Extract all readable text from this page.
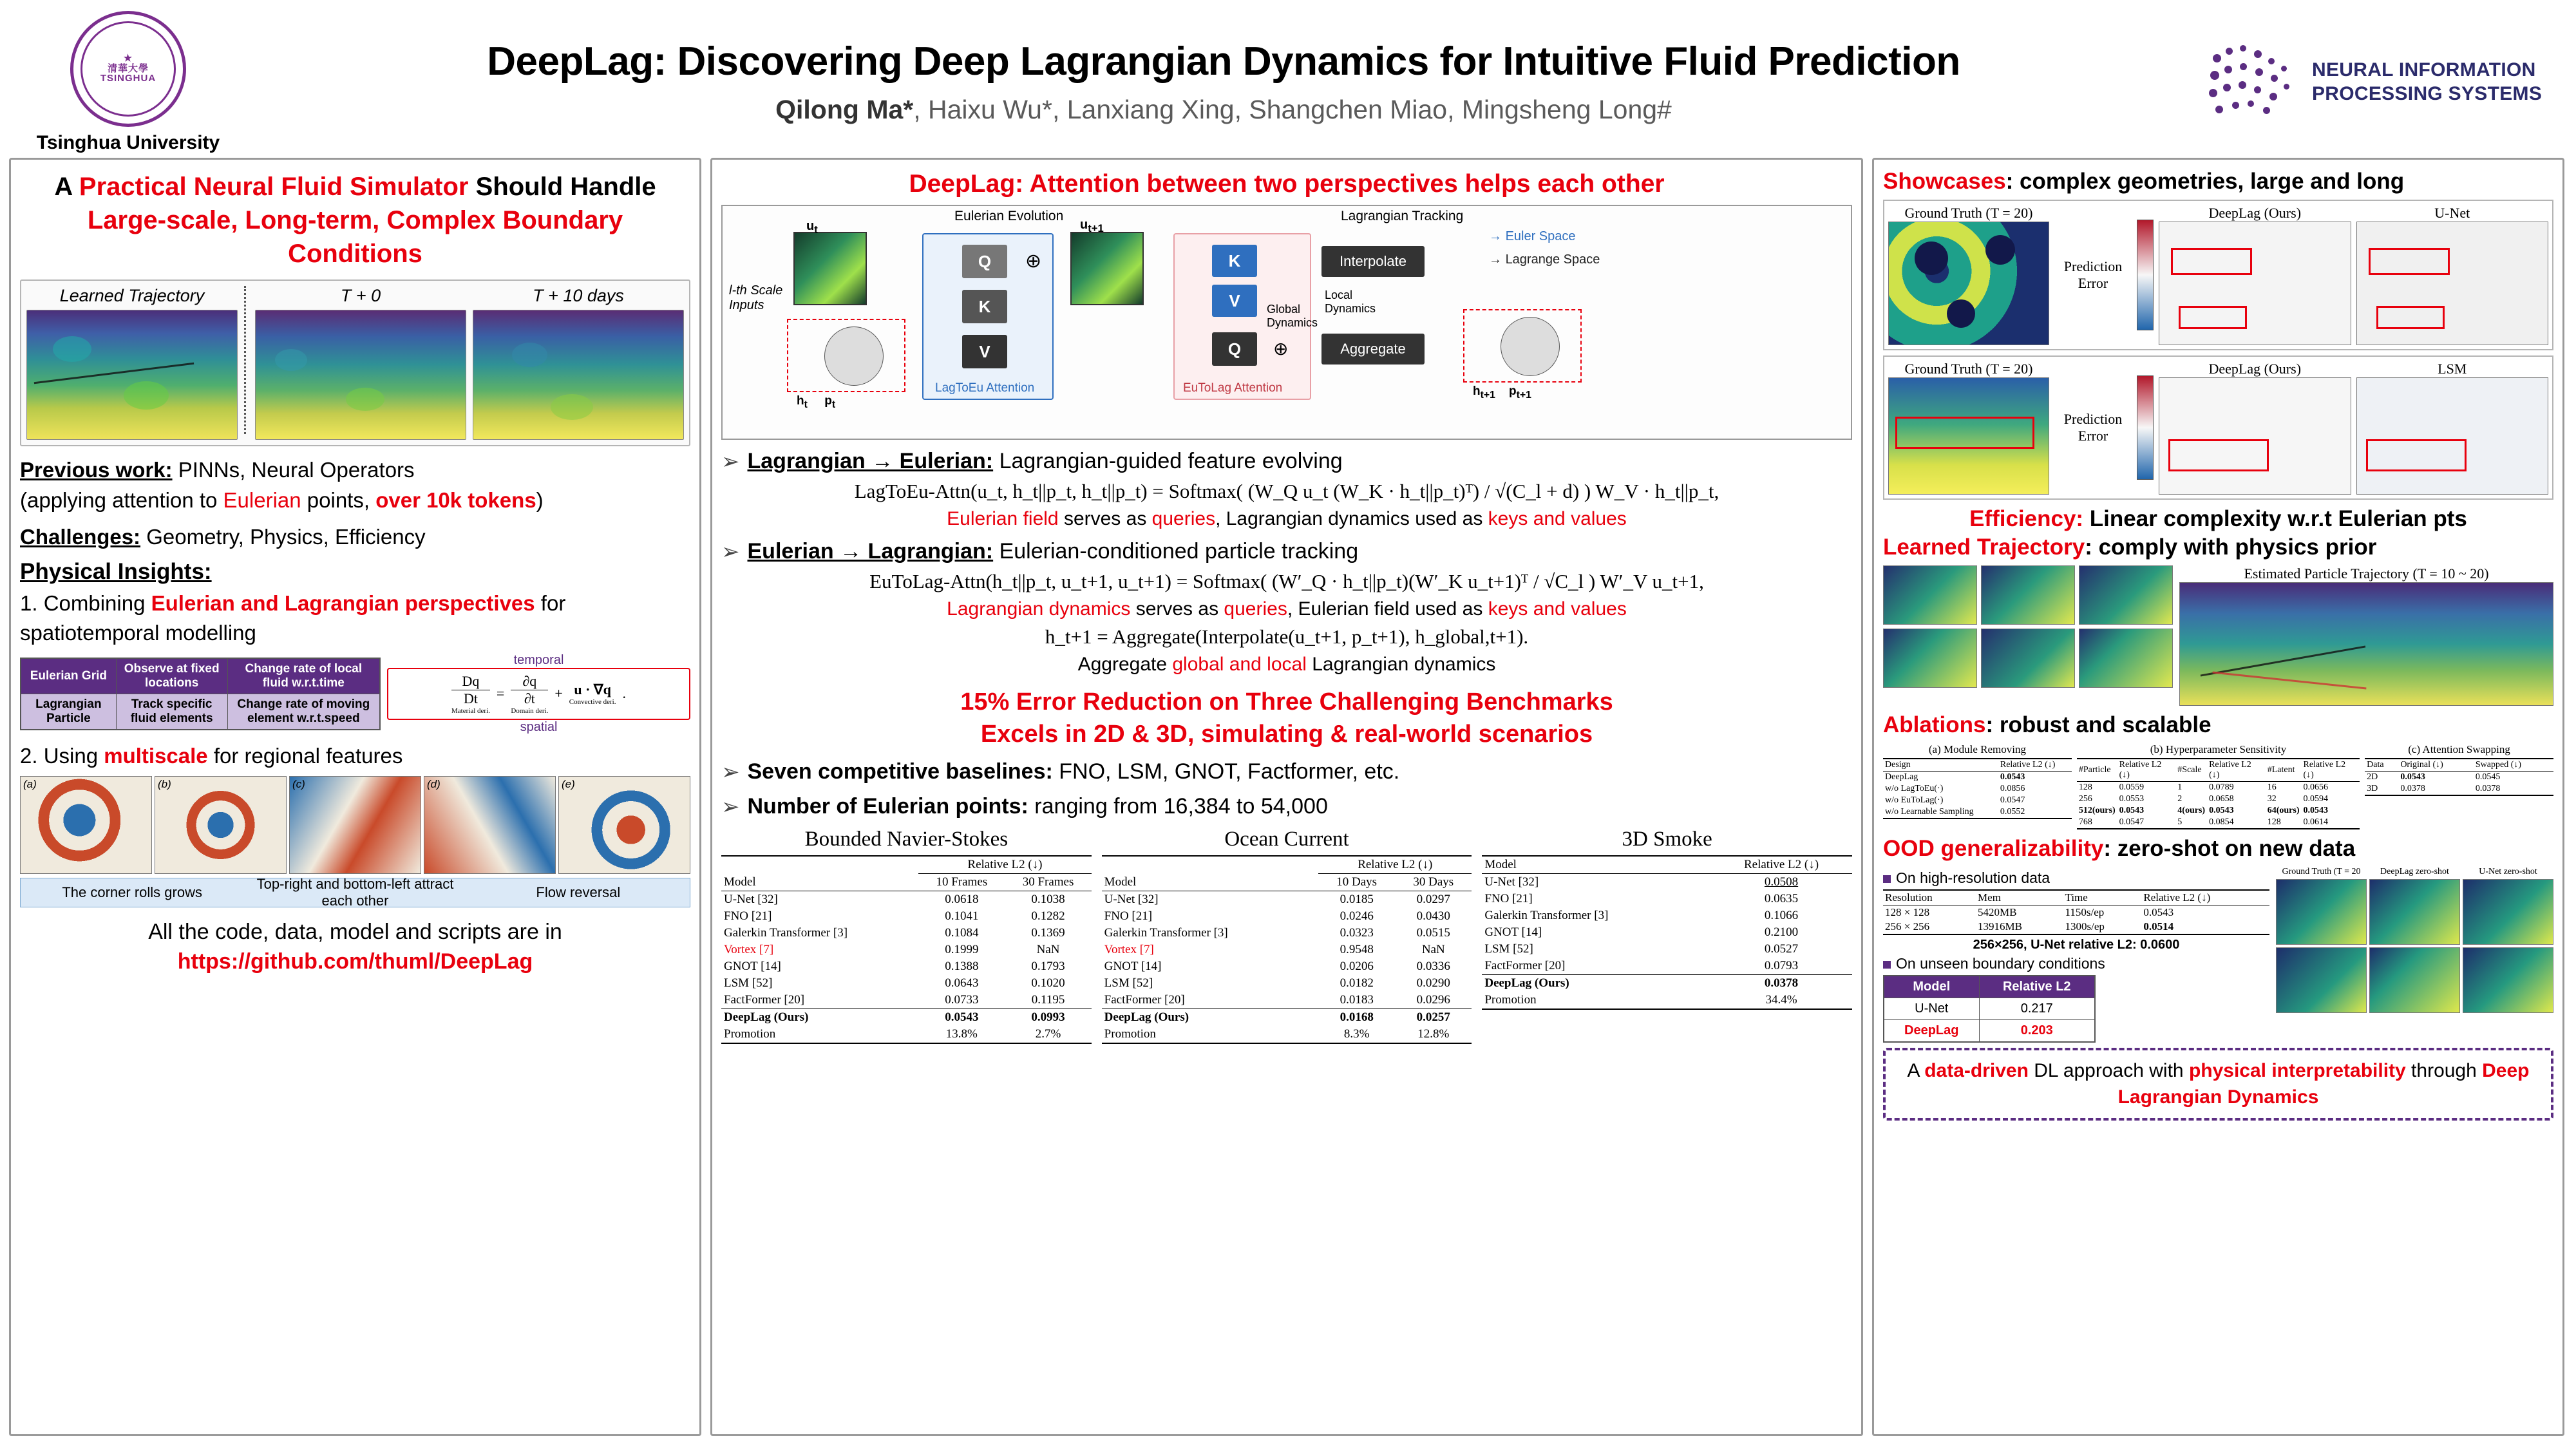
★
清華大學
TSINGHUA
Tsinghua University
DeepLag: Discovering Deep Lagrangian Dynamics for Intuitive Fluid Prediction
Qilong Ma*, Haixu Wu*, Lanxiang Xing, Shangchen Miao, Mingsheng Long#
NEURAL INFORMATION
PROCESSING SYSTEMS
A Practical Neural Fluid Simulator Should Handle Large-scale, Long-term, Complex Boundary Conditions
Learned Trajectory	T + 0	T + 10 days
Previous work: PINNs, Neural Operators
(applying attention to Eulerian points, over 10k tokens)
Challenges: Geometry, Physics, Efficiency
Physical Insights:
1. Combining Eulerian and Lagrangian perspectives for spatiotemporal modelling
Eulerian Grid	Observe at fixed locations	Change rate of local fluid w.r.t.time
Lagrangian Particle	Track specific fluid elements	Change rate of moving element w.r.t.speed
temporal
Dq
Dt
Material deri.
=
∂q
∂t
Domain deri.
+ u · ∇q
Convective deri.
.
spatial
2. Using multiscale for regional features
(a)	(b)	(c)	(d)	(e)
The corner rolls grows
Top-right and bottom-left attract each other
Flow reversal
All the code, data, model and scripts are in
https://github.com/thuml/DeepLag
DeepLag: Attention between two perspectives helps each other
Eulerian Evolution	Lagrangian Tracking
l-th Scale Inputs
$u_t$
$h_t$     $p_t$
LagToEu Attention
Q
K
V
⊕
$u_{t+1}$
EuToLag Attention
K
V
Q	⊕
Interpolate
Aggregate
Local Dynamics
Global Dynamics
$h_{t+1}$    $p_{t+1}$
→ Euler Space
→ Lagrange Space
➢ Lagrangian → Eulerian: Lagrangian-guided feature evolving
LagToEu-Attn(u_t, h_t||p_t, h_t||p_t) = Softmax( (W_Q u_t (W_K · h_t||p_t)ᵀ) / √(C_l + d) ) W_V · h_t||p_t,
Eulerian field serves as queries, Lagrangian dynamics used as keys and values
➢ Eulerian → Lagrangian: Eulerian-conditioned particle tracking
EuToLag-Attn(h_t||p_t, u_t+1, u_t+1) = Softmax( (W′_Q · h_t||p_t)(W′_K u_t+1)ᵀ / √C_l ) W′_V u_t+1,
Lagrangian dynamics serves as queries, Eulerian field used as keys and values
h_t+1 = Aggregate(Interpolate(u_t+1, p_t+1), h_global,t+1).
Aggregate global and local Lagrangian dynamics
15% Error Reduction on Three Challenging Benchmarks
Excels in 2D & 3D, simulating & real-world scenarios
➢ Seven competitive baselines: FNO, LSM, GNOT, Factformer, etc.
➢ Number of Eulerian points: ranging from 16,384 to 54,000
Bounded Navier-Stokes
Model	Relative L2 (↓)	
	10 Frames	30 Frames
U-Net [32]	0.0618	0.1038
FNO [21]	0.1041	0.1282
Galerkin Transformer [3]	0.1084	0.1369
Vortex [7]	0.1999	NaN
GNOT [14]	0.1388	0.1793
LSM [52]	0.0643	0.1020
FactFormer [20]	0.0733	0.1195
DeepLag (Ours)	0.0543	0.0993
Promotion	13.8%	2.7%
Ocean Current
Model	Relative L2 (↓)	
	10 Days	30 Days
U-Net [32]	0.0185	0.0297
FNO [21]	0.0246	0.0430
Galerkin Transformer [3]	0.0323	0.0515
Vortex [7]	0.9548	NaN
GNOT [14]	0.0206	0.0336
LSM [52]	0.0182	0.0290
FactFormer [20]	0.0183	0.0296
DeepLag (Ours)	0.0168	0.0257
Promotion	8.3%	12.8%
3D Smoke
Model	Relative L2 (↓)
U-Net [32]	0.0508
FNO [21]	0.0635
Galerkin Transformer [3]	0.1066
GNOT [14]	0.2100
LSM [52]	0.0527
FactFormer [20]	0.0793
DeepLag (Ours)	0.0378
Promotion	34.4%
Showcases: complex geometries, large and long
Ground Truth (T = 20)
Prediction Error
DeepLag (Ours)	U-Net
Ground Truth (T = 20)
Prediction Error
DeepLag (Ours)	LSM
Efficiency: Linear complexity w.r.t Eulerian pts
Learned Trajectory: comply with physics prior
Estimated Particle Trajectory (T = 10 ~ 20)
Ablations: robust and scalable
(a) Module Removing
Design	Relative L2 (↓)
DeepLag	0.0543
w/o LagToEu(·)	0.0856
w/o EuToLag(·)	0.0547
w/o Learnable Sampling	0.0552
(b) Hyperparameter Sensitivity
#Particle	Relative L2 (↓)	#Scale	Relative L2 (↓)	#Latent	Relative L2 (↓)
128	0.0559	1	0.0789	16	0.0656
256	0.0553	2	0.0658	32	0.0594
512(ours)	0.0543	4(ours)	0.0543	64(ours)	0.0543
768	0.0547	5	0.0854	128	0.0614
(c) Attention Swapping
Data	Original (↓)	Swapped (↓)
2D	0.0543	0.0545
3D	0.0378	0.0378
OOD generalizability: zero-shot on new data
On high-resolution data
Resolution	Mem	Time	Relative L2 (↓)
128 × 128	5420MB	1150s/ep	0.0543
256 × 256	13916MB	1300s/ep	0.0514
256×256, U-Net relative L2: 0.0600
On unseen boundary conditions
Model	Relative L2
U-Net	0.217
DeepLag	0.203
Ground Truth (T = 20	DeepLag zero-shot	U-Net zero-shot
A data-driven DL approach with physical interpretability through Deep Lagrangian Dynamics
